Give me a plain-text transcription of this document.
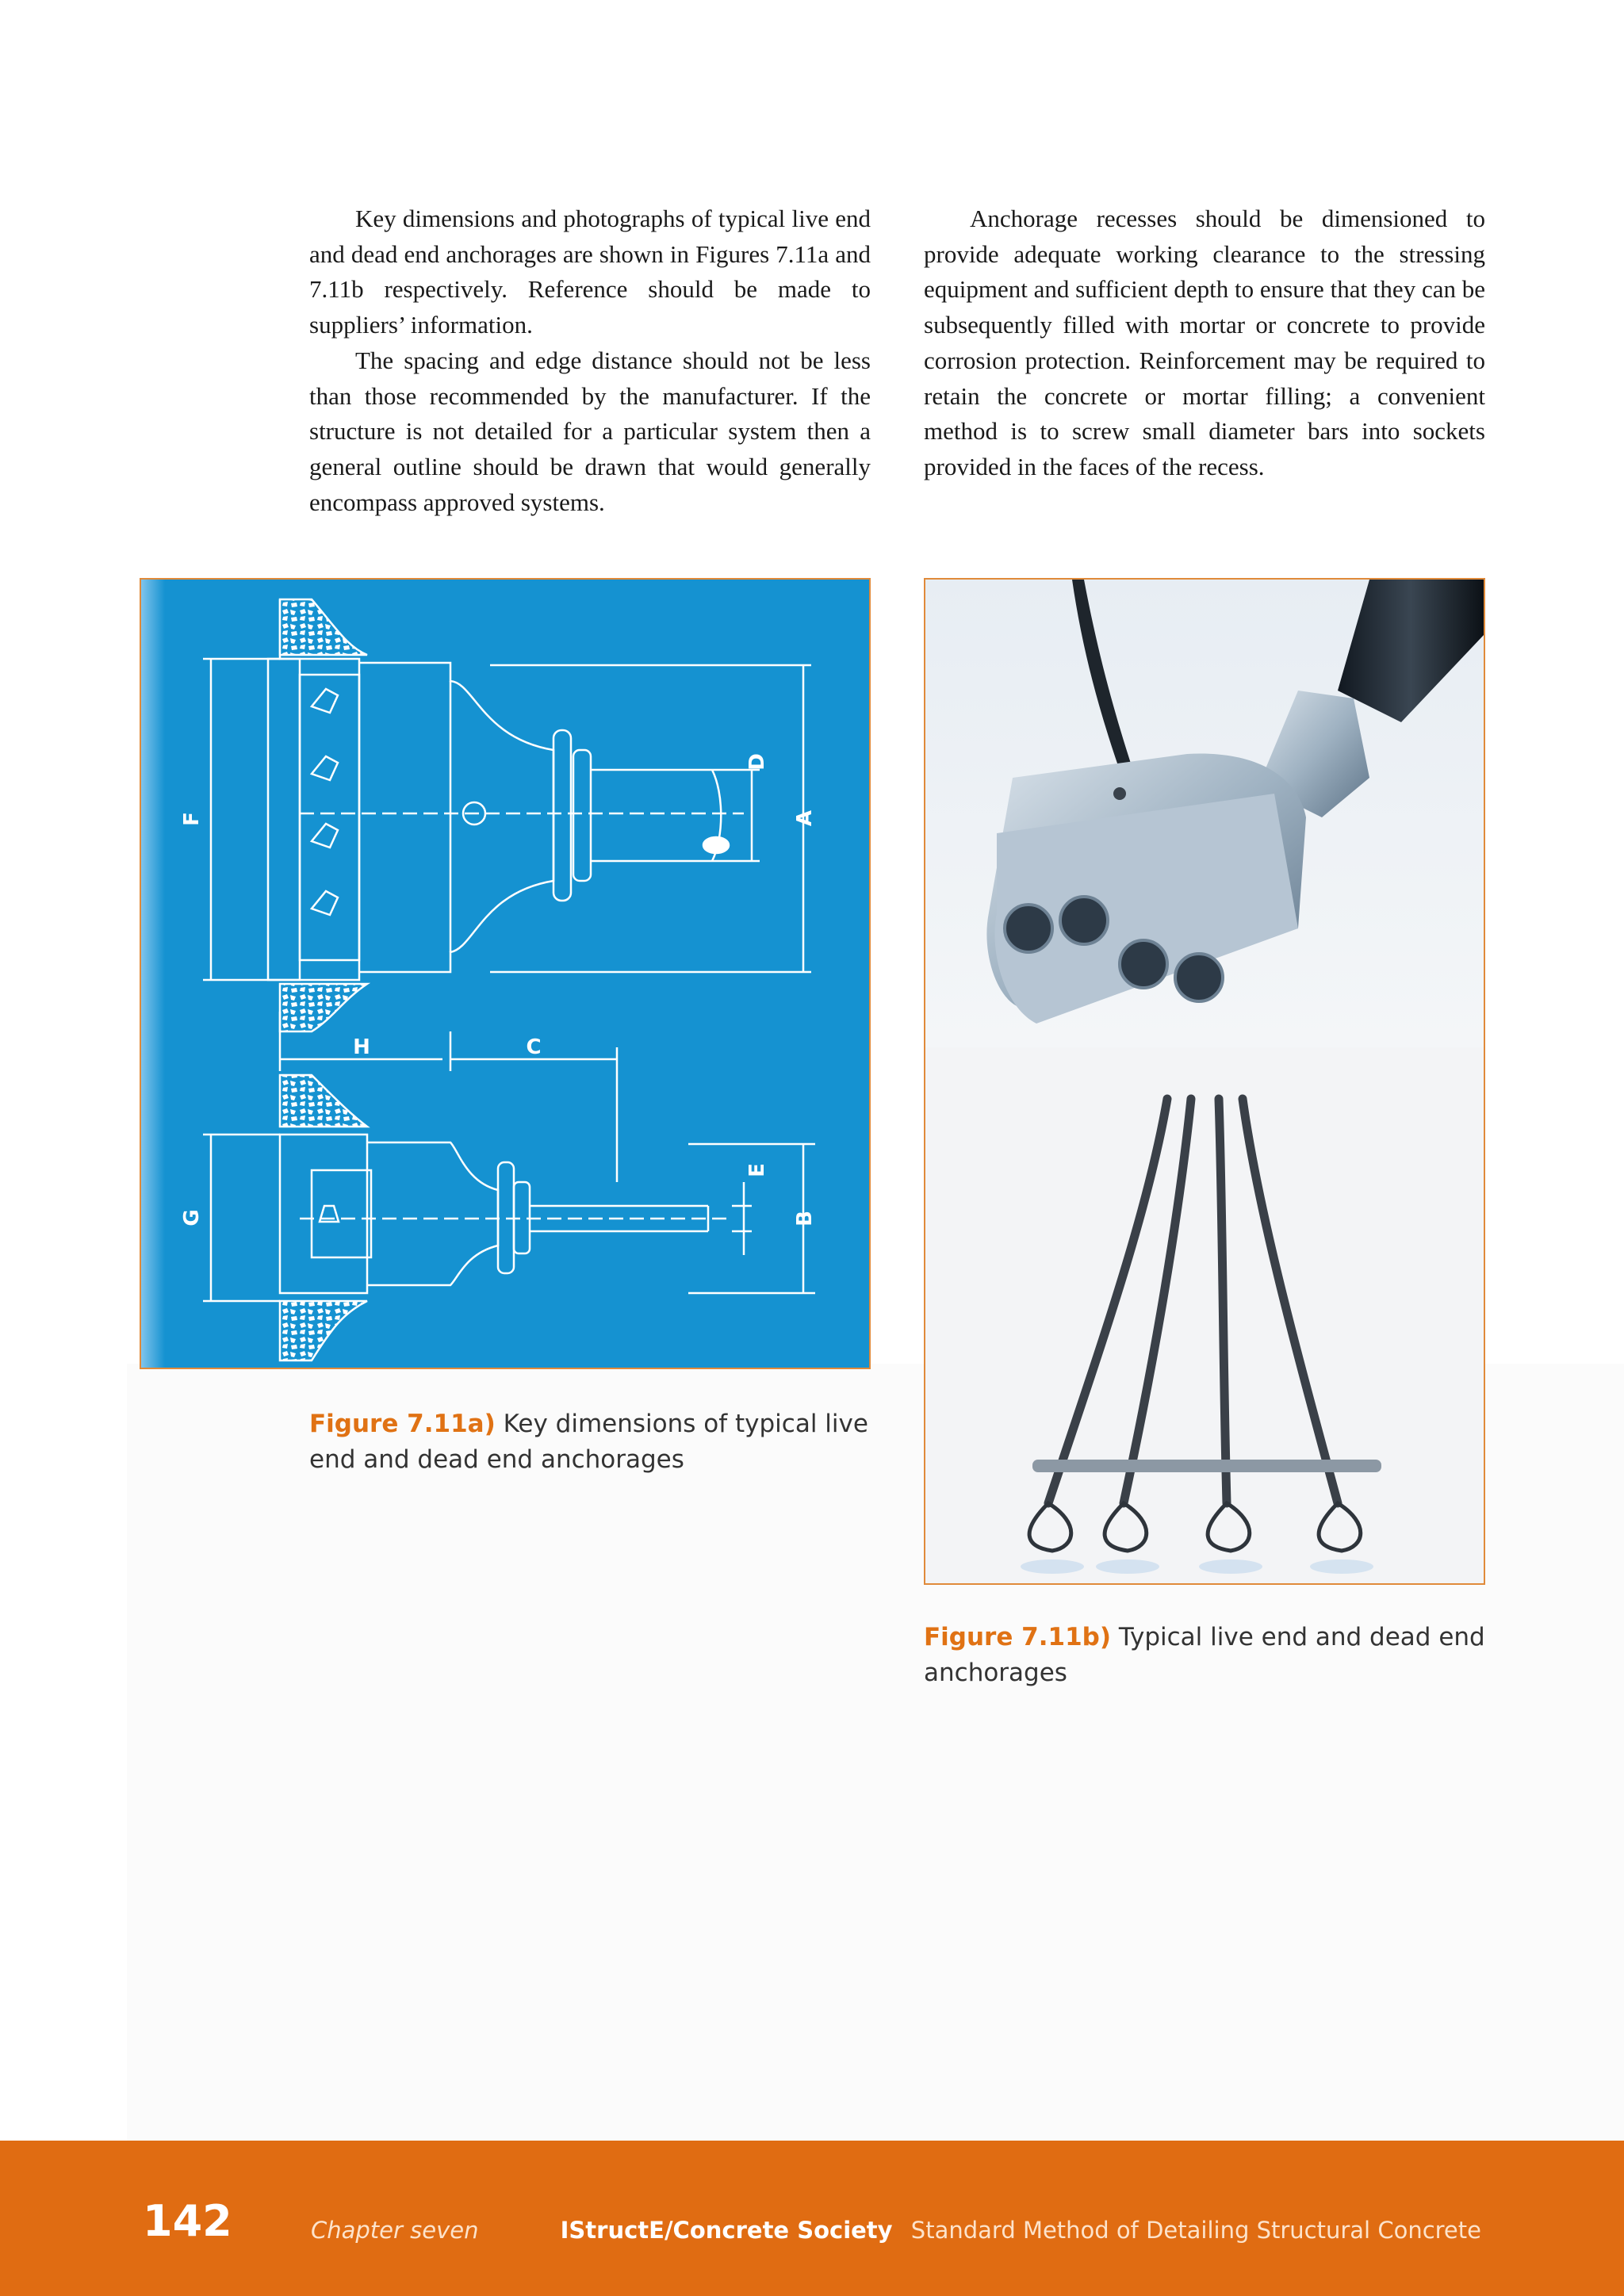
Key dimensions and photographs of typical live end and dead end anchorages are shown in Figures 7.11a and 7.11b respectively. Reference should be made to suppliers’ information.

The spacing and edge distance should not be less than those recommended by the manufacturer. If the structure is not detailed for a particular system then a general outline should be drawn that would generally encompass approved systems.

Anchorage recesses should be dimensioned to provide adequate working clearance to the stressing equipment and sufficient depth to ensure that they can be subsequently filled with mortar or concrete to provide corrosion protection. Reinforcement may be required to retain the concrete or mortar filling; a convenient method is to screw small diameter bars into sockets provided in the faces of the recess.

A
D
F
G
E
B
H	C
Figure 7.11a) Key dimensions of typical live end and dead end anchorages
Figure 7.11b) Typical live end and dead end anchorages
142	Chapter seven	IStructE/Concrete Society Standard Method of Detailing Structural Concrete
